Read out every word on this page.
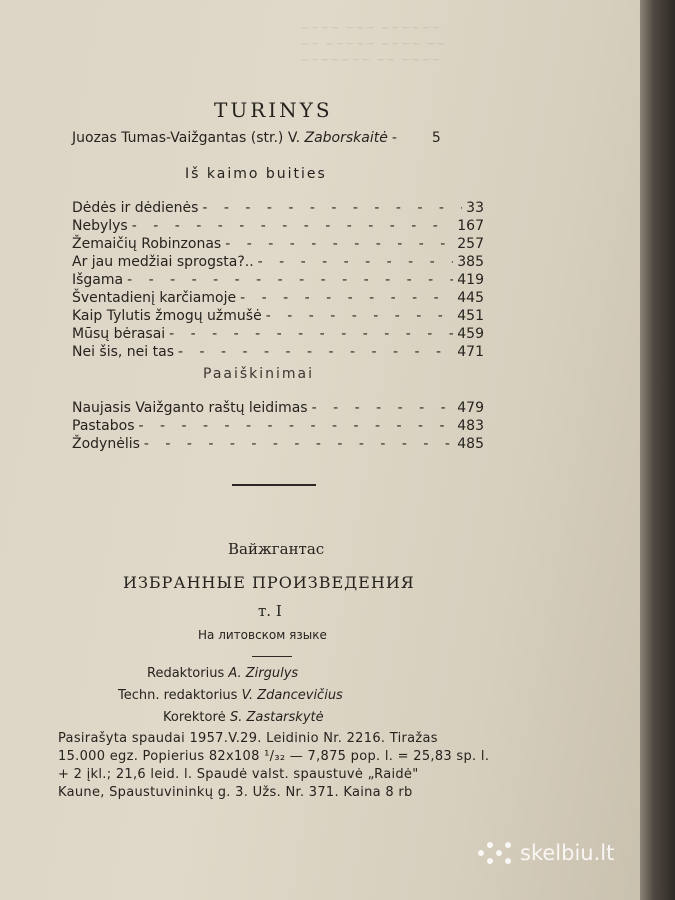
~~~~ ~~~ ~~~~~~
~~ ~~~~~ ~~~~ ~~
~~~~~~~ ~~ ~~~~
TURINYS
Juozas Tumas-Vaižgantas (str.) V. Zaborskaitė - - -	5
Iš kaimo buities
Dėdės ir dėdienės - - -	33
Nebylys - - -	167
Žemaičių Robinzonas - - -	257
Ar jau medžiai sprogsta?.. - - -	385
Išgama - - -	419
Šventadienį karčiamoje - - -	445
Kaip Tylutis žmogų užmušė - - -	451
Mūsų bėrasai - - -	459
Nei šis, nei tas - - -	471
Paaiškinimai
Naujasis Vaižganto raštų leidimas - - -	479
Pastabos - - -	483
Žodynėlis - - -	485
Вайжгантас
ИЗБРАННЫЕ ПРОИЗВЕДЕНИЯ
т. I
На литовском языке
Redaktorius A. Zirgulys
Techn. redaktorius V. Zdancevičius
Korektorė S. Zastarskytė
Pasirašyta spaudai 1957.V.29. Leidinio Nr. 2216. Tiražas
15.000 egz. Popierius 82x108 ¹/₃₂ — 7,875 pop. l. = 25,83 sp. l.
+ 2 įkl.; 21,6 leid. l. Spaudė valst. spaustuvė „Raidė"
Kaune, Spaustuvininkų g. 3. Užs. Nr. 371. Kaina 8 rb
skelbiu.lt
